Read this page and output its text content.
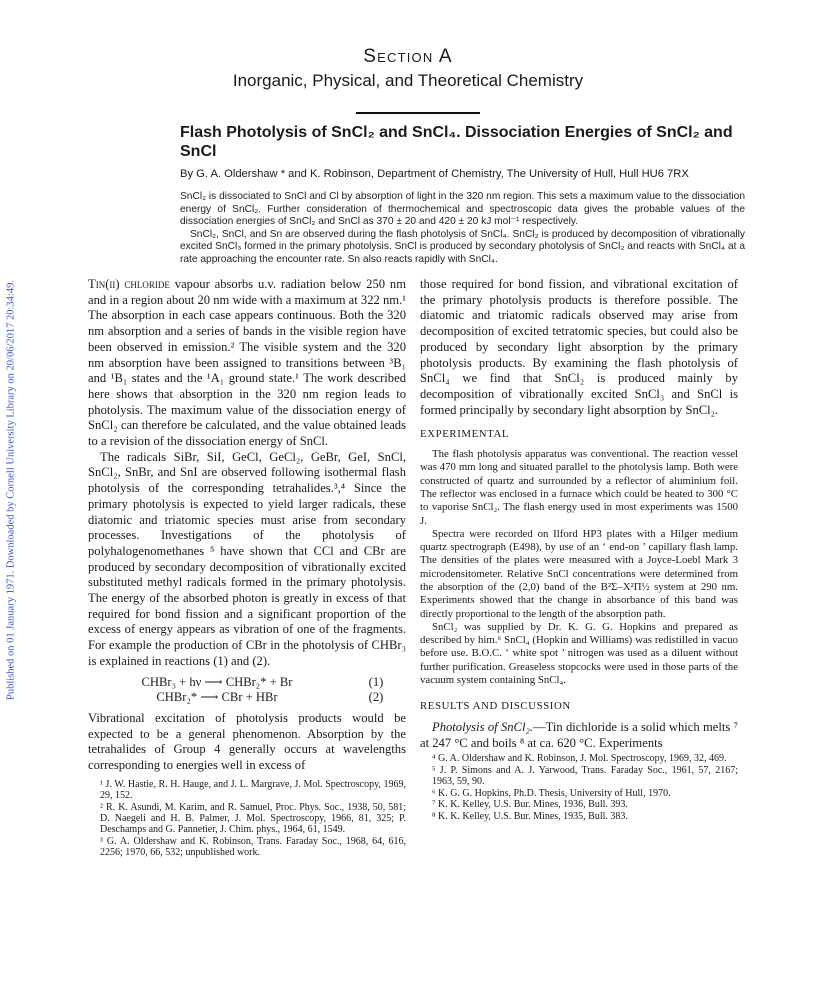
Published on 01 January 1971. Downloaded by Cornell University Library on 20/06/2017 20:34:49.
Section A
Inorganic, Physical, and Theoretical Chemistry
Flash Photolysis of SnCl₂ and SnCl₄. Dissociation Energies of SnCl₂ and SnCl
By G. A. Oldershaw * and K. Robinson, Department of Chemistry, The University of Hull, Hull HU6 7RX

SnCl₂ is dissociated to SnCl and Cl by absorption of light in the 320 nm region. This sets a maximum value to the dissociation energy of SnCl₂. Further consideration of thermochemical and spectroscopic data gives the probable values of the dissociation energies of SnCl₂ and SnCl as 370 ± 20 and 420 ± 20 kJ mol⁻¹ respectively.

SnCl₂, SnCl, and Sn are observed during the flash photolysis of SnCl₄. SnCl₂ is produced by decomposition of vibrationally excited SnCl₃ formed in the primary photolysis. SnCl is produced by secondary photolysis of SnCl₂ and reacts with SnCl₄ at a rate approaching the encounter rate. Sn also reacts rapidly with SnCl₄.

Tin(ii) chloride vapour absorbs u.v. radiation below 250 nm and in a region about 20 nm wide with a maximum at 322 nm.¹ The absorption in each case appears continuous. Both the 320 nm absorption and a series of bands in the visible region have been observed in emission.² The visible system and the 320 nm absorption have been assigned to transitions between ³B₁ and ¹B₁ states and the ¹A₁ ground state.¹ The work described here shows that absorption in the 320 nm region leads to photolysis. The maximum value of the dissociation energy of SnCl₂ can therefore be calculated, and the value obtained leads to a revision of the dissociation energy of SnCl.

The radicals SiBr, SiI, GeCl, GeCl₂, GeBr, GeI, SnCl, SnCl₂, SnBr, and SnI are observed following isothermal flash photolysis of the corresponding tetrahalides.³,⁴ Since the primary photolysis is expected to yield larger radicals, these diatomic and triatomic species must arise from secondary processes. Investigations of the photolysis of polyhalogenomethanes ⁵ have shown that CCl and CBr are produced by secondary decomposition of vibrationally excited substituted methyl radicals formed in the primary photolysis. The energy of the absorbed photon is greatly in excess of that required for bond fission and a significant proportion of the excess of energy appears as vibration of one of the fragments. For example the production of CBr in the photolysis of CHBr₃ is explained in reactions (1) and (2).

CHBr₃ + hν ⟶ CHBr₂* + Br	(1)
CHBr₂* ⟶ CBr + HBr	(2)

Vibrational excitation of photolysis products would be expected to be a general phenomenon. Absorption by the tetrahalides of Group 4 generally occurs at wavelengths corresponding to energies well in excess of

¹ J. W. Hastie, R. H. Hauge, and J. L. Margrave, J. Mol. Spectroscopy, 1969, 29, 152.

² R. K. Asundi, M. Karim, and R. Samuel, Proc. Phys. Soc., 1938, 50, 581; D. Naegeli and H. B. Palmer, J. Mol. Spectroscopy, 1966, 81, 325; P. Deschamps and G. Pannetier, J. Chim. phys., 1964, 61, 1549.

³ G. A. Oldershaw and K. Robinson, Trans. Faraday Soc., 1968, 64, 616, 2256; 1970, 66, 532; unpublished work.

those required for bond fission, and vibrational excitation of the primary photolysis products is therefore possible. The diatomic and triatomic radicals observed may arise from decomposition of excited tetratomic species, but could also be produced by secondary light absorption by the primary photolysis products. By examining the flash photolysis of SnCl₄ we find that SnCl₂ is produced mainly by decomposition of vibrationally excited SnCl₃ and SnCl is formed principally by secondary light absorption by SnCl₂.

EXPERIMENTAL

The flash photolysis apparatus was conventional. The reaction vessel was 470 mm long and situated parallel to the photolysis lamp. Both were constructed of quartz and surrounded by a reflector of aluminium foil. The reflector was enclosed in a furnace which could be heated to 300 °C to vaporise SnCl₂. The flash energy used in most experiments was 1500 J.

Spectra were recorded on Ilford HP3 plates with a Hilger medium quartz spectrograph (E498), by use of an ‘ end-on ’ capillary flash lamp. The densities of the plates were measured with a Joyce-Loebl Mark 3 microdensitometer. Relative SnCl concentrations were determined from the absorption of the (2,0) band of the B²Σ–X²Π½ system at 290 nm. Experiments showed that the change in absorbance of this band was directly proportional to the length of the absorption path.

SnCl₂ was supplied by Dr. K. G. G. Hopkins and prepared as described by him.⁶ SnCl₄ (Hopkin and Williams) was redistilled in vacuo before use. B.O.C. ‘ white spot ’ nitrogen was used as a diluent without further purification. Greaseless stopcocks were used in those parts of the vacuum system containing SnCl₄.

RESULTS AND DISCUSSION

Photolysis of SnCl₂.—Tin dichloride is a solid which melts ⁷ at 247 °C and boils ⁸ at ca. 620 °C. Experiments

⁴ G. A. Oldershaw and K. Robinson, J. Mol. Spectroscopy, 1969, 32, 469.

⁵ J. P. Simons and A. J. Yarwood, Trans. Faraday Soc., 1961, 57, 2167; 1963, 59, 90.

⁶ K. G. G. Hopkins, Ph.D. Thesis, University of Hull, 1970.

⁷ K. K. Kelley, U.S. Bur. Mines, 1936, Bull. 393.

⁸ K. K. Kelley, U.S. Bur. Mines, 1935, Bull. 383.
